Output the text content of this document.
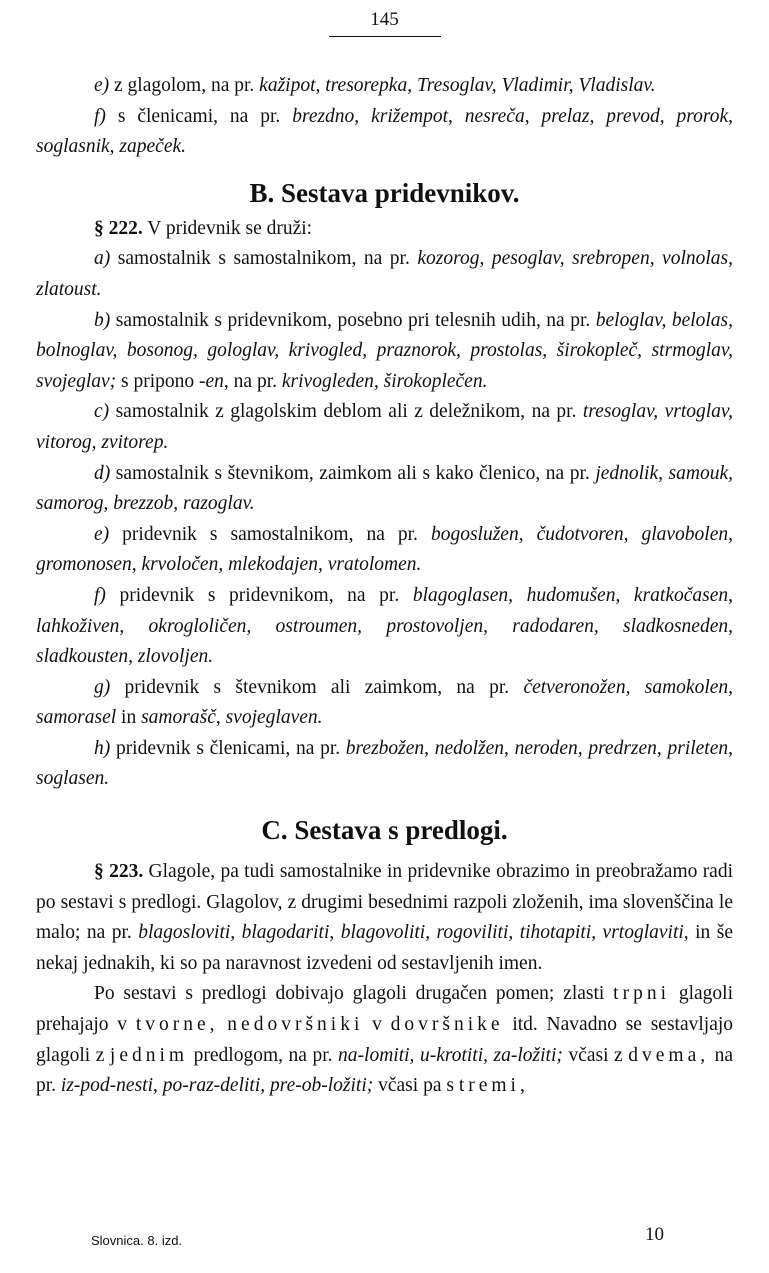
145

e) z glagolom, na pr. kažipot, tresorepka, Tresoglav, Vladimir, Vladislav.

f) s členicami, na pr. brezdno, križempot, nesreča, prelaz, prevod, prorok, soglasnik, zapeček.

B. Sestava pridevnikov.

§ 222. V pridevnik se druži:

a) samostalnik s samostalnikom, na pr. kozorog, pesoglav, srebropen, volnolas, zlatoust.

b) samostalnik s pridevnikom, posebno pri telesnih udih, na pr. beloglav, belolas, bolnoglav, bosonog, gologlav, krivogled, praznorok, prostolas, širokopleč, strmoglav, svojeglav; s pripono -en, na pr. krivogleden, širokoplečen.

c) samostalnik z glagolskim deblom ali z deležnikom, na pr. tresoglav, vrtoglav, vitorog, zvitorep.

d) samostalnik s števnikom, zaimkom ali s kako členico, na pr. jednolik, samouk, samorog, brezzob, razoglav.

e) pridevnik s samostalnikom, na pr. bogoslužen, čudotvoren, glavobolen, gromonosen, krvoločen, mlekodajen, vratolomen.

f) pridevnik s pridevnikom, na pr. blagoglasen, hudomušen, kratkočasen, lahkoživen, okrogloličen, ostroumen, prostovoljen, radodaren, sladkosneden, sladkousten, zlovoljen.

g) pridevnik s števnikom ali zaimkom, na pr. četveronožen, samokolen, samorasel in samorašč, svojeglaven.

h) pridevnik s členicami, na pr. brezbožen, nedolžen, neroden, predrzen, prileten, soglasen.

C. Sestava s predlogi.

§ 223. Glagole, pa tudi samostalnike in pridevnike obrazimo in preobražamo radi po sestavi s predlogi. Glagolov, z drugimi besednimi razpoli zloženih, ima slovenščina le malo; na pr. blagosloviti, blagodariti, blagovoliti, rogoviliti, tihotapiti, vrtoglaviti, in še nekaj jednakih, ki so pa naravnost izvedeni od sestavljenih imen.

Po sestavi s predlogi dobivajo glagoli drugačen pomen; zlasti trpni glagoli prehajajo v tvorne, nedovršniki v dovršnike itd. Navadno se sestavljajo glagoli z jednim predlogom, na pr. na-lomiti, u-krotiti, za-ložiti; včasi z dvema, na pr. iz-pod-nesti, po-raz-deliti, pre-ob-ložiti; včasi pa s tremi,

Slovnica. 8. izd.	10
